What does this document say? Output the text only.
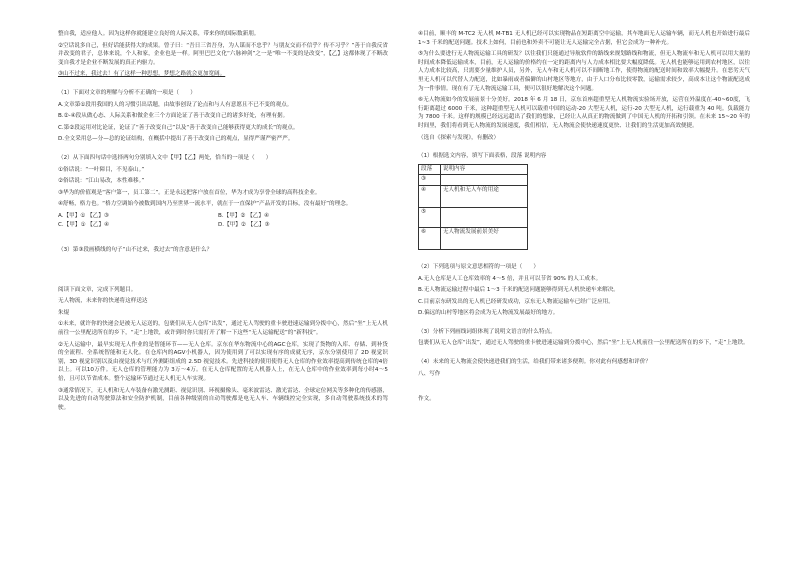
整自我，适应他人。因为这样你就能建立良好的人际关系，带来你的国际数新朋。

②空话说多自己，但好话能获得大的成果。曾子曰：“吾日三省吾身，为人谋而不忠乎？与朋友交而不信乎？传不习乎？”善于自我反省并改变的君子，总体来说，个人和家，企业也是一样。阿里巴巴文化“六脉神剑”之一是“唯一不变的是改变”，【乙】这都体现了不断改变自我才是企业不断发展的真正内驱力。

③山不过来，我过去！有了这样一种思想，梦想之路就会更加宽阔。

（1）下面对文章的理解与分析不正确的一项是（　　）

A.文章第①段用我国的人的习惯引出话题，由故事创设了论点和与人有意愿且不已不变的观点。

B.②-④段从做心态、人际关系和做企业三个方面论证了善于改变自己的诸多好处，有理有据。

C.第②段运用对比论证，论证了“善于改变自己”以及“善于改变自己能够获得更大的成长”的观点。

D.全文采用总—分—总的论证结构，在概括中提出了善于改变自己的观点，显得严谨严密严严。

（2）从下面四句话中选择两句分别填入文中【甲】【乙】两处，恰当的一项是（　　）

①俗话说：“一叶障目，不见泰山。”

②俗话说：“江山易改，本性难移。”

③华为的价值观是“客户第一，员工第二”。正是永远把客户放在首位，华为才成为享誉全球的高科技企业。

④舒畅，格力也。“格力空调始今被数到国内乃至世界一流水平，就在于一直保护”产品开发的目标，没有最好”的理念。

A.【甲】① 【乙】③	B.【甲】② 【乙】④
C.【甲】① 【乙】④	D.【甲】② 【乙】③

（3）第③段画横线的句子“山不过来，我过去”的含意是什么？

阅读下面文章，完成下列题目。

无人物流，未来你的快递将这样送达

朱焜

①未来，就许你的快递会是被无人运送的，包裹们从无人仓库“出发”，通过无人驾驶的重卡驶进速运输到分拨中心，然后“坐”上无人机前往一公里配送所在的乡下，“走”上地铁，或许到时你只需打开了解一下这些“无人运输配送”的“新科技”。

②无人运输中，最早实现无人作业的是智能环节——无人仓库。京东在华东物流中心的AGC仓库，实现了货物的入库、存储、到补货的全流程、全系统智能和无人化。在仓库内的AGV小机器人，因为使用到了可以实现有序的成就无序，京东分别使用了 2D 视觉识别，3D 视觉识别以及由视觉技术与红外测距组成的 2.5D 视觉技术。先进科技的使用使得无人仓库的作业效率提高到传统仓库的4倍以上。可以10万件。无人仓库的管理能力为 3万～4万。在无人仓库配置的无人机器人上，在无人仓库中的作业效率到每小时4～5倍，且可以节省成本。整个运输环节通过无人机无人车实现。

③通常情况下，无人机和无人车装备有激光测距、视觉识别、环视摄像头、毫米波雷达、激光雷达、全球定位网关等多种化的传感器，以及先进的自动驾驶算法和安全防护机制，目前各种级别的自动驾驶都是电无人车、车辆线控完全实现，多自动驾驶系统技术的驾驶。

④目前，顺丰的 M-TC2 无人机 M-TB1 无人机已经可以实现物品在短距离空中运输，其车地面无人运输车辆，而无人机也开始进行最后 1~3 千米的配送问题。技术上如何，目前也和外卖不可能让无人运输完全占据，但它会成为一种补充。

⑤为什么要进行无人物流运输工具的研发？以往我们只能通过导航软件的路线来规划路线和物流，但无人物流车和无人机可以用大量的时间成本降低运输成本，目前，无人运输的价格约在一定的距离内与人力成本相比要大幅度降低。无人机也能够运用到农村地区，以往人力成本比较高，只需要少量维护人员，另外，无人车和无人机可以不间断地工作，使得物流的配送时间和效率大幅提升。在恶劣天气里无人机可以代替人力配送，比如暴雨或者偏僻的山村地区等地方，由于人口分布比较零散，运输需求较少，高成本让这个物流配送成为一件事情。现在有了无人物流运输工具，便可以很好地解决这个问题。

⑥无人物流如今的发展前景十分美好。2018 年 6 月 18 日，京东首座超重型无人机物流实验场开放，运营在外温度在-40~60度，飞行距离超过 6000 千米，这种超重型无人机可以载重中国的运动-20 大型无人机，运行-20 大型无人机，运行载重为 40 吨。负载能力为 7800 千米。这样的规模已经远远超出了我们的想象，已经让人从真正的物流做到了中国无人机的开拓和引领。在未来 15~20 年的时间里，我们将看到无人物流的发展速度，我们相信，无人物流会使快递速度更快、让我们的生活更加高效便捷。

（选自《探索与发现》，有删改）

（1）根据选文内容，填写下面表格，段落 说明内容

段落	说明内容
③	　
④	无人机和无人车的用途
⑤	　
⑥	无人物流发展前景美好

（2）下列选项与原文意思相符的一项是（　　）

A.无人仓库是人工仓库效率的 4～5 倍，并且可以节省 90% 的人工成本。

B.无人物流运输过程中最后 1～3 千米的配送问题能够得到无人机快递车来解决。

C.目前京东研发出的无人机已经研发成功，京东无人物流运输车已经广泛应用。

D.偏远的山村等地区将会成为无人物流发展最好的地方。

（3）分析下列画线词组体现了说明文语言的什么特点。

包裹们从无人仓库“出发”，通过无人驾驶的重卡驶进速运输到分拨中心，然后“坐”上无人机前往一公里配送所在的乡下，“走”上地铁。

（4）未来的无人物流会使快递进我们的生活，给我们带来诸多便利。你对此有何感想和评价？

八、写作

作文。
